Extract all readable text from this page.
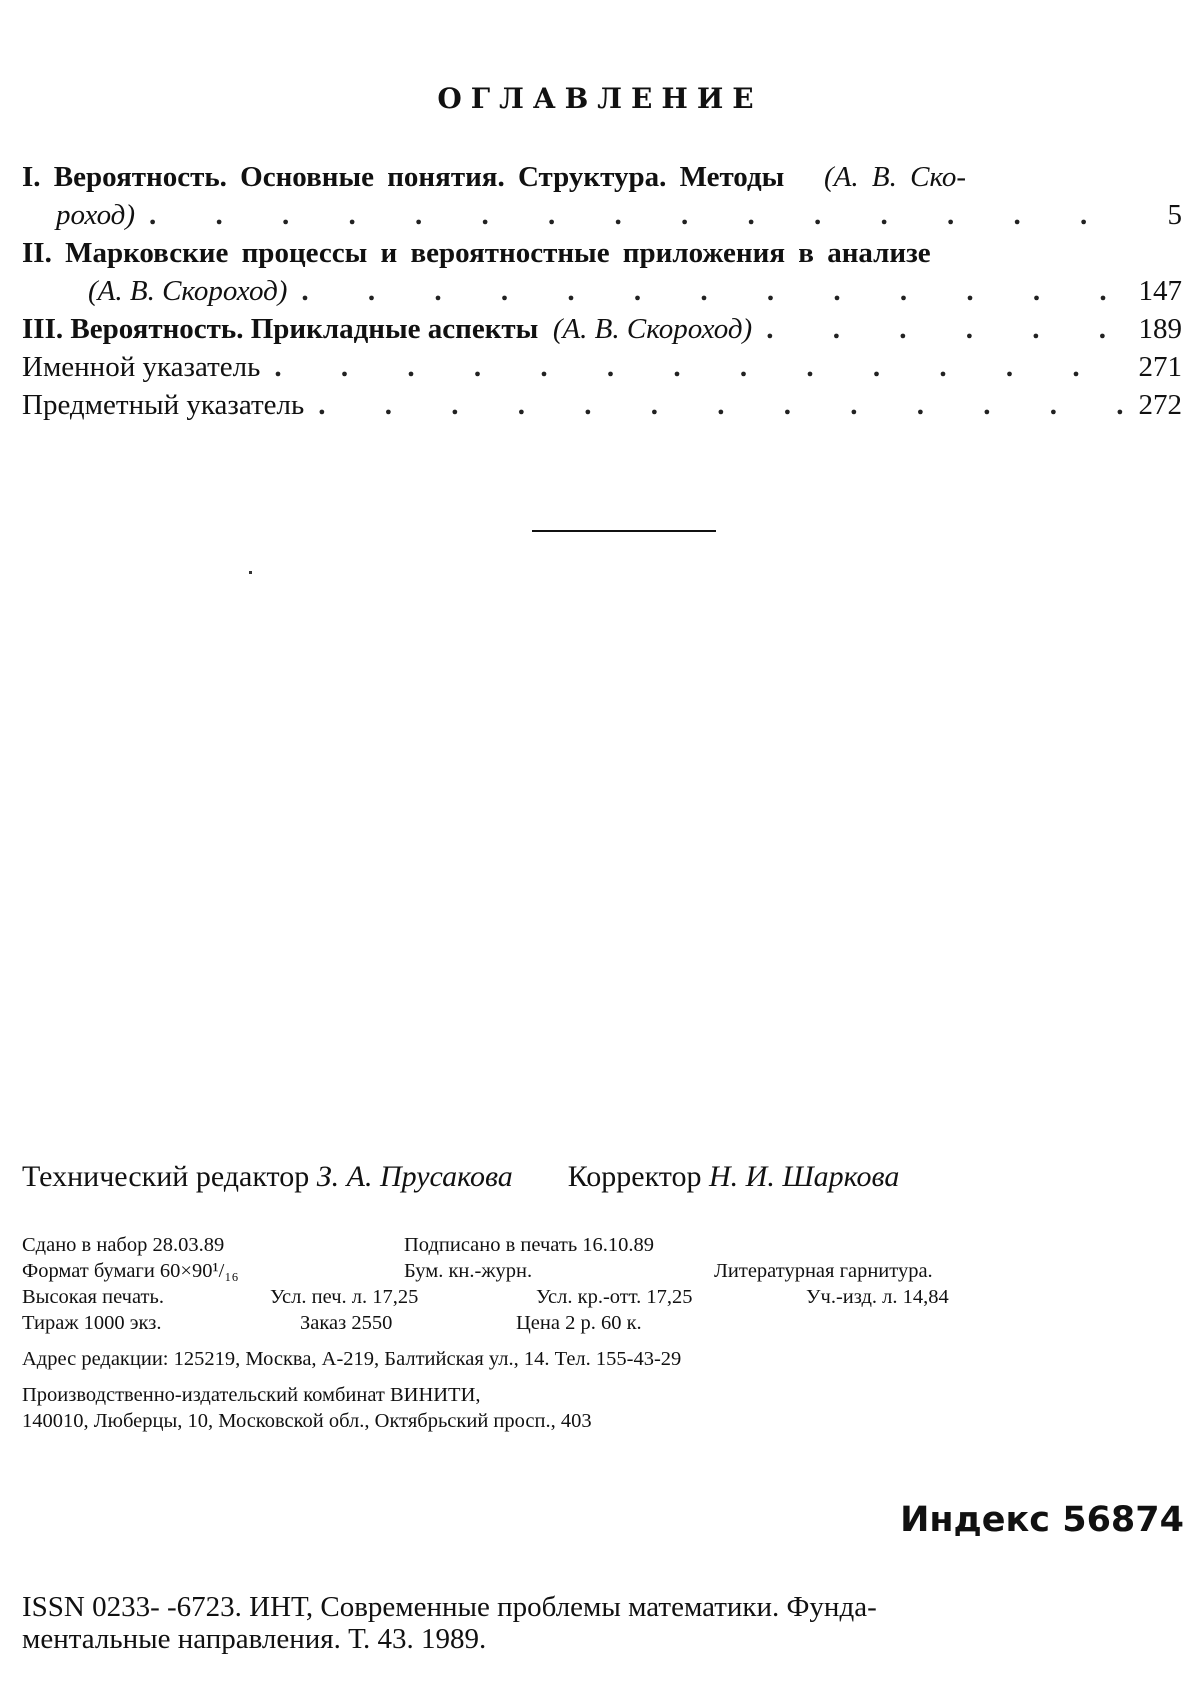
ОГЛАВЛЕНИЕ
I. Вероятность. Основные понятия. Структура. Методы (А. В. Ско-
роход) . . .	5
II. Марковские процессы и вероятностные приложения в анализе
(А. В. Скороход) . . .	147
III. Вероятность. Прикладные аспекты
(А. В. Скороход) . . .	189
Именной указатель . . .	271
Предметный указатель . . .	272
Технический редактор З. А. Прусакова Корректор Н. И. Шаркова
Сдано в набор 28.03.89	Подписано в печать 16.10.89
Формат бумаги 60×90¹/₁₆	Бум. кн.-журн.	Литературная гарнитура.
Высокая печать.	Усл. печ. л. 17,25	Усл. кр.-отт. 17,25	Уч.-изд. л. 14,84
Тираж 1000 экз.	Заказ 2550	Цена 2 р. 60 к.
Адрес редакции: 125219, Москва, А-219, Балтийская ул., 14. Тел. 155-43-29
Производственно-издательский комбинат ВИНИТИ,
140010, Люберцы, 10, Московской обл., Октябрьский просп., 403
Индекс 56874
ISSN 0233- -6723. ИНТ, Современные проблемы математики. Фунда-
ментальные направления. Т. 43. 1989.
